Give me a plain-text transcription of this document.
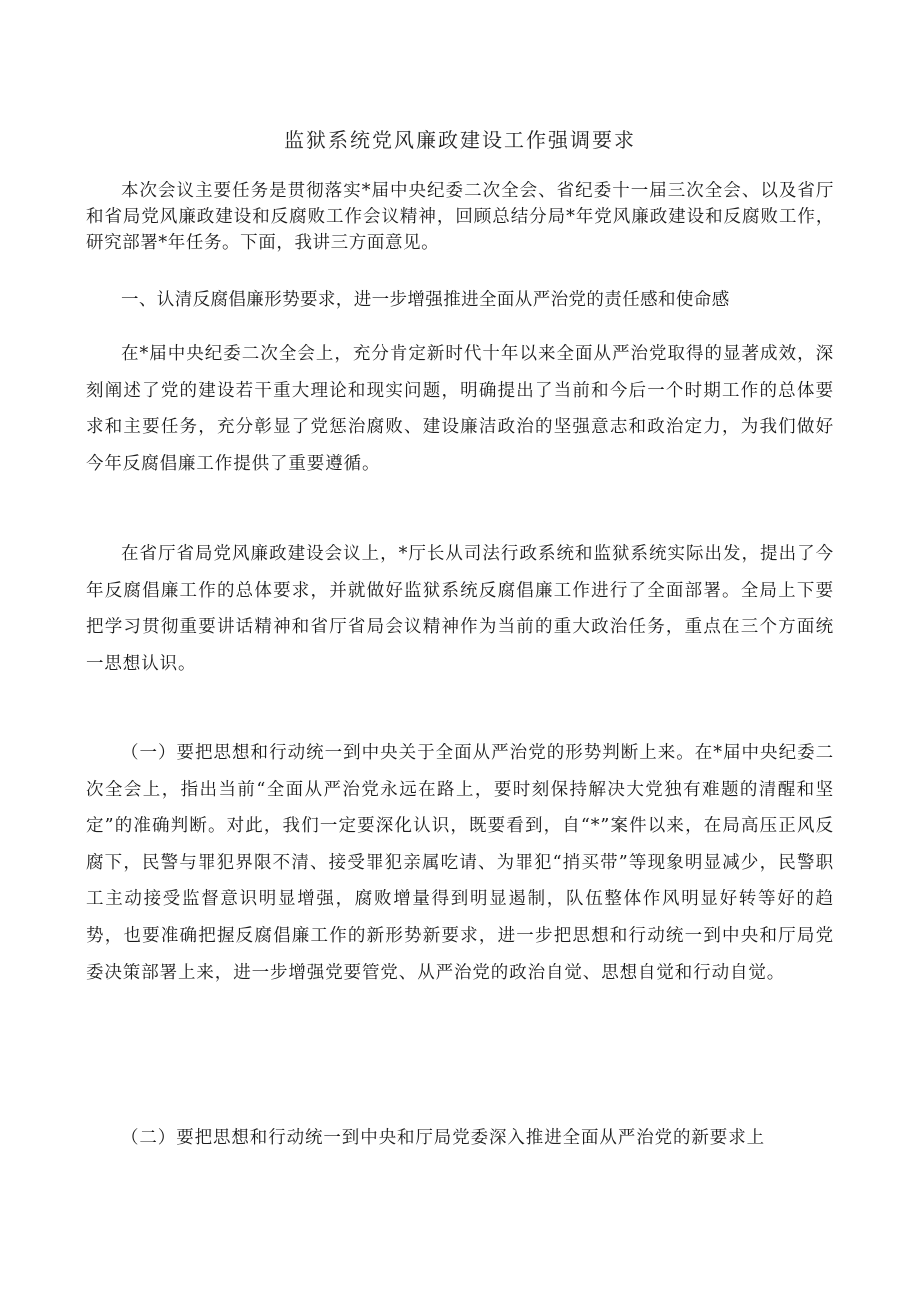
监狱系统党风廉政建设工作强调要求

本次会议主要任务是贯彻落实*届中央纪委二次全会、省纪委十一届三次全会、以及省厅和省局党风廉政建设和反腐败工作会议精神，回顾总结分局*年党风廉政建设和反腐败工作，研究部署*年任务。下面，我讲三方面意见。

一、认清反腐倡廉形势要求，进一步增强推进全面从严治党的责任感和使命感

在*届中央纪委二次全会上，充分肯定新时代十年以来全面从严治党取得的显著成效，深刻阐述了党的建设若干重大理论和现实问题，明确提出了当前和今后一个时期工作的总体要求和主要任务，充分彰显了党惩治腐败、建设廉洁政治的坚强意志和政治定力，为我们做好今年反腐倡廉工作提供了重要遵循。

在省厅省局党风廉政建设会议上，*厅长从司法行政系统和监狱系统实际出发，提出了今年反腐倡廉工作的总体要求，并就做好监狱系统反腐倡廉工作进行了全面部署。全局上下要把学习贯彻重要讲话精神和省厅省局会议精神作为当前的重大政治任务，重点在三个方面统一思想认识。

（一）要把思想和行动统一到中央关于全面从严治党的形势判断上来。在*届中央纪委二次全会上，指出当前“全面从严治党永远在路上，要时刻保持解决大党独有难题的清醒和坚定”的准确判断。对此，我们一定要深化认识，既要看到，自“*”案件以来，在局高压正风反腐下，民警与罪犯界限不清、接受罪犯亲属吃请、为罪犯“捎买带”等现象明显减少，民警职工主动接受监督意识明显增强，腐败增量得到明显遏制，队伍整体作风明显好转等好的趋势，也要准确把握反腐倡廉工作的新形势新要求，进一步把思想和行动统一到中央和厅局党委决策部署上来，进一步增强党要管党、从严治党的政治自觉、思想自觉和行动自觉。

（二）要把思想和行动统一到中央和厅局党委深入推进全面从严治党的新要求上
